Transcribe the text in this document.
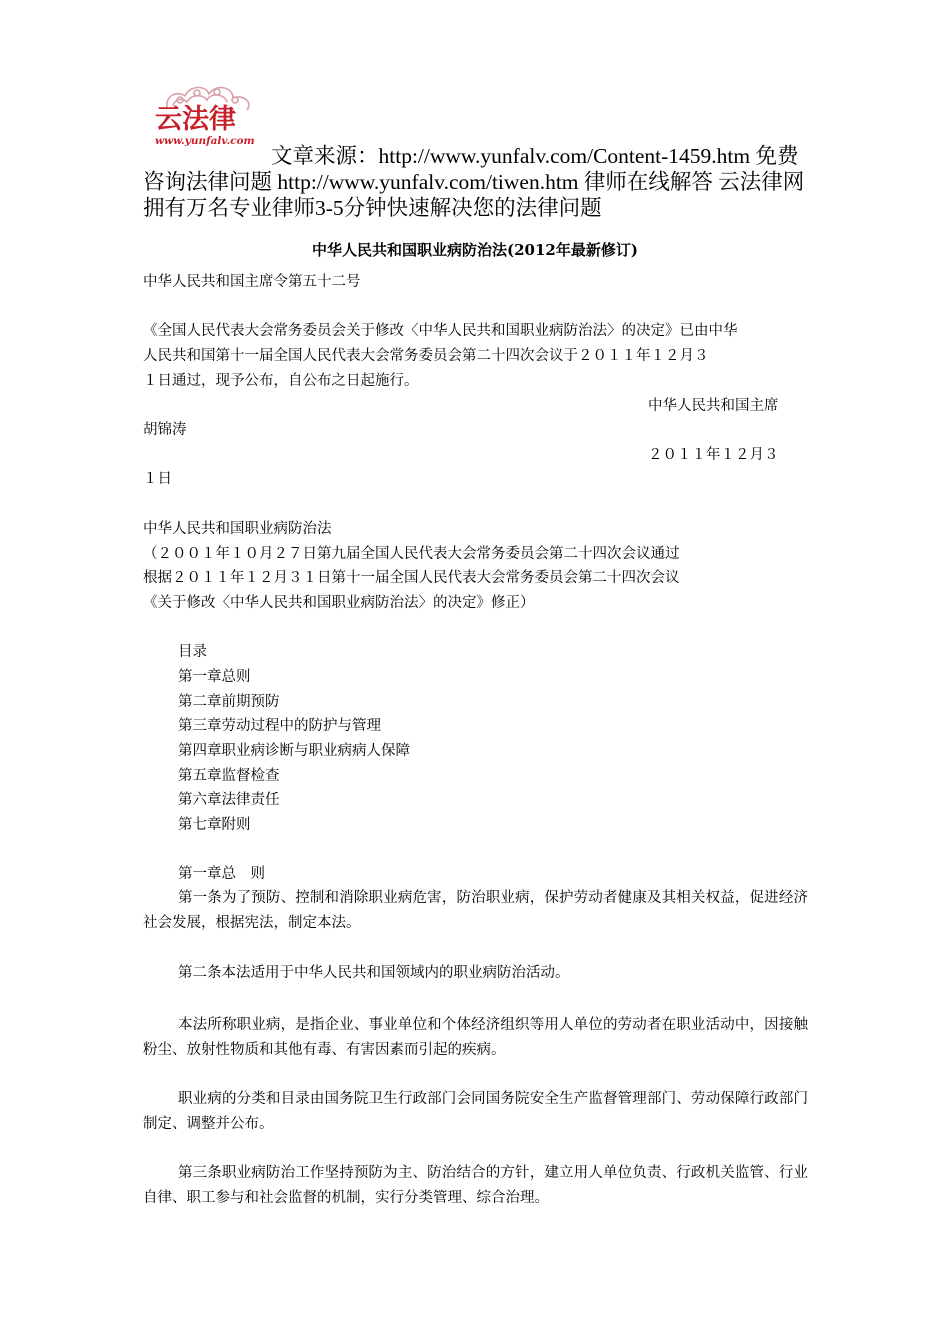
云法律
www.yunfalv.com
文章来源：http://www.yunfalv.com/Content-1459.htm 免费咨询法律问题 http://www.yunfalv.com/tiwen.htm 律师在线解答 云法律网拥有万名专业律师3-5分钟快速解决您的法律问题
中华人民共和国职业病防治法(2012年最新修订)
中华人民共和国主席令第五十二号
《全国人民代表大会常务委员会关于修改〈中华人民共和国职业病防治法〉的决定》已由中华
人民共和国第十一届全国人民代表大会常务委员会第二十四次会议于２０１１年１２月３
１日通过，现予公布，自公布之日起施行。
中华人民共和国主席
胡锦涛
２０１１年１２月３
１日
中华人民共和国职业病防治法
（２００１年１０月２７日第九届全国人民代表大会常务委员会第二十四次会议通过
根据２０１１年１２月３１日第十一届全国人民代表大会常务委员会第二十四次会议
《关于修改〈中华人民共和国职业病防治法〉的决定》修正）
目录
第一章总则
第二章前期预防
第三章劳动过程中的防护与管理
第四章职业病诊断与职业病病人保障
第五章监督检查
第六章法律责任
第七章附则
第一章总　则
第一条为了预防、控制和消除职业病危害，防治职业病，保护劳动者健康及其相关权益，促进经济社会发展，根据宪法，制定本法。
第二条本法适用于中华人民共和国领域内的职业病防治活动。
本法所称职业病，是指企业、事业单位和个体经济组织等用人单位的劳动者在职业活动中，因接触粉尘、放射性物质和其他有毒、有害因素而引起的疾病。
职业病的分类和目录由国务院卫生行政部门会同国务院安全生产监督管理部门、劳动保障行政部门制定、调整并公布。
第三条职业病防治工作坚持预防为主、防治结合的方针，建立用人单位负责、行政机关监管、行业自律、职工参与和社会监督的机制，实行分类管理、综合治理。
